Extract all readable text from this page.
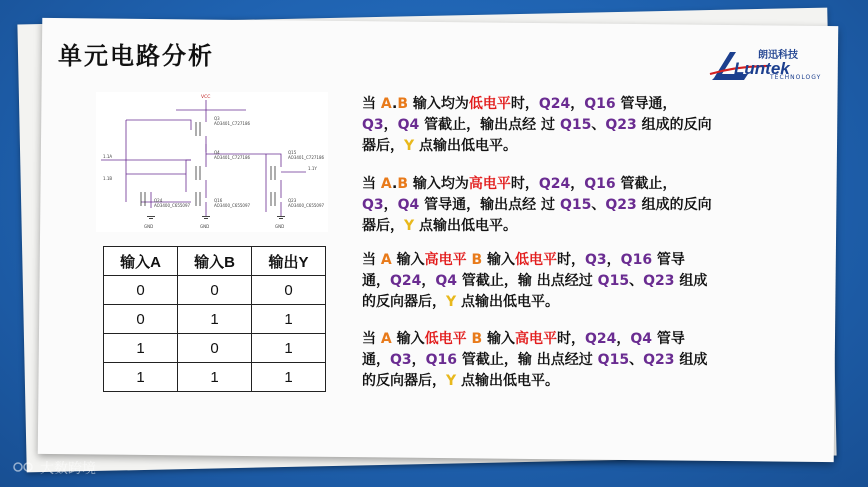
单元电路分析	Luntek
朗迅科技
TECHNOLOGY
VCC
Q3
AO3401_C727186
Q4
AO3401_C727186
Q15
AO3401_C727186
Q16
AO3400_C655097
Q24
AO3400_C655097
Q23
AO3400_C655097
1.1A
1.1B
1.1Y
GND	GND	GND
输入A	输入B	输出Y
0	0	0
0	1	1
1	0	1
1	1	1

当 A.B 输入均为低电平时，Q24，Q16 管导通，Q3，Q4 管截止，输出点经 过 Q15、Q23 组成的反向器后，Y 点输出低电平。

当 A.B 输入均为高电平时，Q24，Q16 管截止，Q3，Q4 管导通，输出点经 过 Q15、Q23 组成的反向器后，Y 点输出低电平。

当 A 输入高电平 B 输入低电平时，Q3，Q16 管导通，Q24，Q4 管截止，输 出点经过 Q15、Q23 组成的反向器后，Y 点输出低电平。

当 A 输入低电平 B 输入高电平时，Q24，Q4 管导通，Q3，Q16 管截止，输 出点经过 Q15、Q23 组成的反向器后，Y 点输出低电平。

大数跨境
